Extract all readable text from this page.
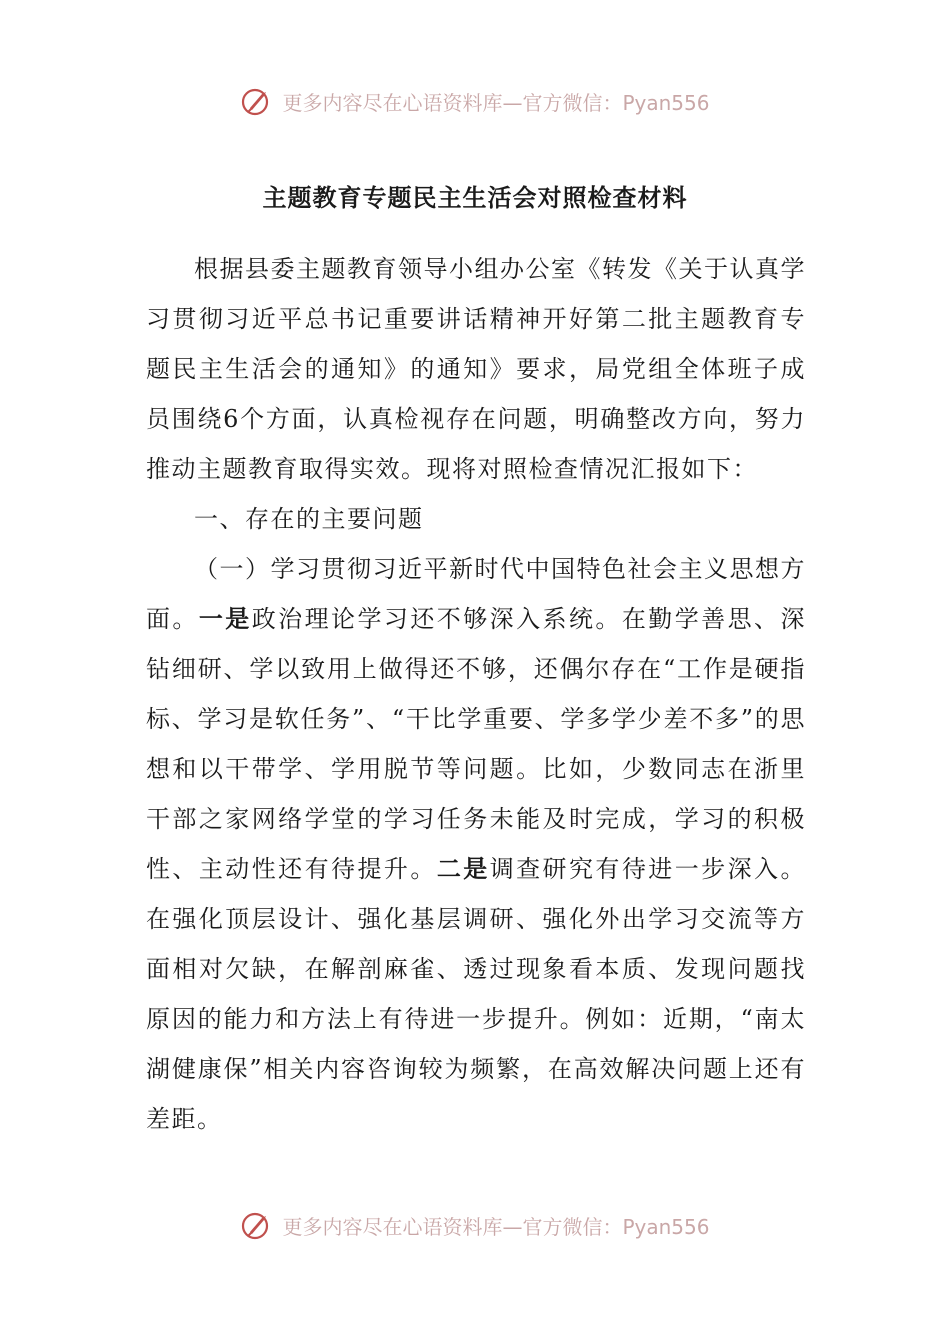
更多内容尽在心语资料库—官方微信：Pyan556
主题教育专题民主生活会对照检查材料

根据县委主题教育领导小组办公室《转发《关于认真学习贯彻习近平总书记重要讲话精神开好第二批主题教育专题民主生活会的通知》的通知》要求，局党组全体班子成员围绕6个方面，认真检视存在问题，明确整改方向，努力推动主题教育取得实效。现将对照检查情况汇报如下：

一、存在的主要问题

（一）学习贯彻习近平新时代中国特色社会主义思想方面。一是政治理论学习还不够深入系统。在勤学善思、深钻细研、学以致用上做得还不够，还偶尔存在“工作是硬指标、学习是软任务”、“干比学重要、学多学少差不多”的思想和以干带学、学用脱节等问题。比如，少数同志在浙里干部之家网络学堂的学习任务未能及时完成，学习的积极性、主动性还有待提升。二是调查研究有待进一步深入。在强化顶层设计、强化基层调研、强化外出学习交流等方面相对欠缺，在解剖麻雀、透过现象看本质、发现问题找原因的能力和方法上有待进一步提升。例如：近期，“南太湖健康保”相关内容咨询较为频繁，在高效解决问题上还有差距。

更多内容尽在心语资料库—官方微信：Pyan556
